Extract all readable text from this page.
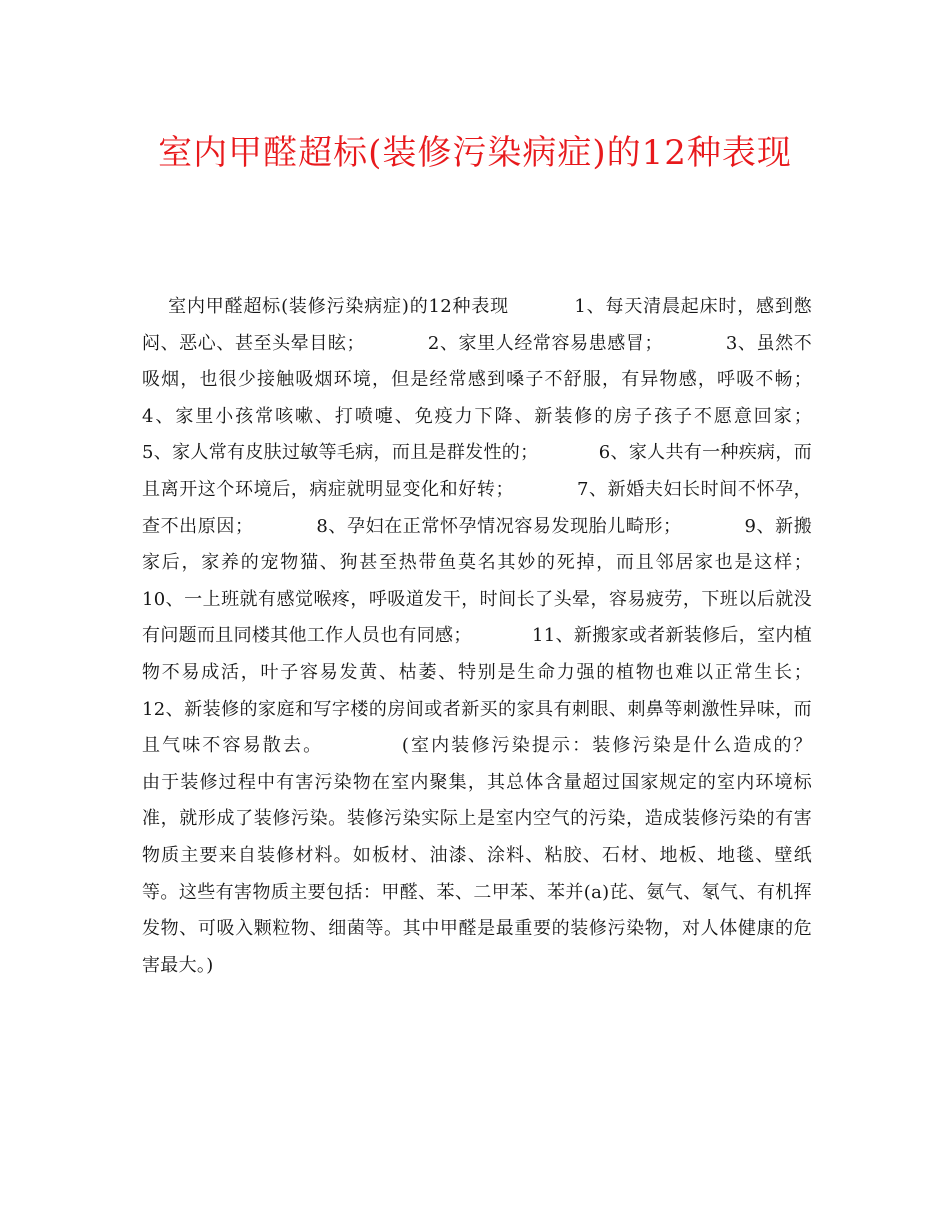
室内甲醛超标(装修污染病症)的12种表现

室内甲醛超标(装修污染病症)的12种表现          1、每天清晨起床时，感到憋闷、恶心、甚至头晕目眩；          2、家里人经常容易患感冒；          3、虽然不吸烟，也很少接触吸烟环境，但是经常感到嗓子不舒服，有异物感，呼吸不畅；          4、家里小孩常咳嗽、打喷嚏、免疫力下降、新装修的房子孩子不愿意回家；          5、家人常有皮肤过敏等毛病，而且是群发性的；          6、家人共有一种疾病，而且离开这个环境后，病症就明显变化和好转；          7、新婚夫妇长时间不怀孕，查不出原因；          8、孕妇在正常怀孕情况容易发现胎儿畸形；          9、新搬家后，家养的宠物猫、狗甚至热带鱼莫名其妙的死掉，而且邻居家也是这样；          10、一上班就有感觉喉疼，呼吸道发干，时间长了头晕，容易疲劳，下班以后就没有问题而且同楼其他工作人员也有同感；          11、新搬家或者新装修后，室内植物不易成活，叶子容易发黄、枯萎、特别是生命力强的植物也难以正常生长；          12、新装修的家庭和写字楼的房间或者新买的家具有刺眼、刺鼻等刺激性异味，而且气味不容易散去。          (室内装修污染提示：装修污染是什么造成的？          由于装修过程中有害污染物在室内聚集，其总体含量超过国家规定的室内环境标准，就形成了装修污染。装修污染实际上是室内空气的污染，造成装修污染的有害物质主要来自装修材料。如板材、油漆、涂料、粘胶、石材、地板、地毯、壁纸等。这些有害物质主要包括：甲醛、苯、二甲苯、苯并(a)芘、氨气、氡气、有机挥发物、可吸入颗粒物、细菌等。其中甲醛是最重要的装修污染物，对人体健康的危害最大。)
